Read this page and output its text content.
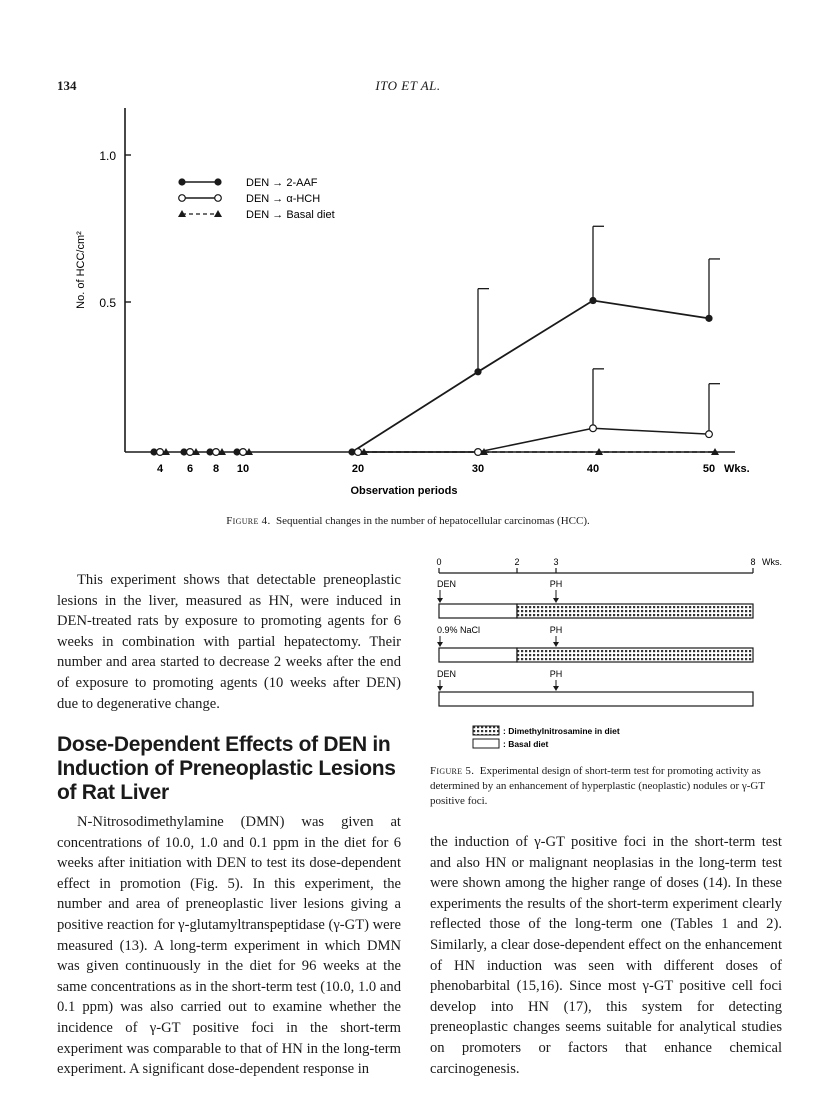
134	ITO ET AL.
1.0
0.5
No. of HCC/cm²
4 6 8 10	20	30	40	50 Wks.
Observation periods
DEN → 2-AAF
DEN → α-HCH
DEN → Basal diet
Figure 4. Sequential changes in the number of hepatocellular carcinomas (HCC).

This experiment shows that detectable preneoplastic lesions in the liver, measured as HN, were induced in DEN-treated rats by exposure to promoting agents for 6 weeks in combination with partial hepatectomy. Their number and area started to decrease 2 weeks after the end of exposure to promoting agents (10 weeks after DEN) due to degenerative change.

Dose-Dependent Effects of DEN in Induction of Preneoplastic Lesions of Rat Liver

N-Nitrosodimethylamine (DMN) was given at concentrations of 10.0, 1.0 and 0.1 ppm in the diet for 6 weeks after initiation with DEN to test its dose-dependent effect in promotion (Fig. 5). In this experiment, the number and area of preneoplastic liver lesions giving a positive reaction for γ-glutamyltranspeptidase (γ-GT) were measured (13). A long-term experiment in which DMN was given continuously in the diet for 96 weeks at the same concentrations as in the short-term test (10.0, 1.0 and 0.1 ppm) was also carried out to examine whether the incidence of γ-GT positive foci in the short-term experiment was comparable to that of HN in the long-term experiment. A significant dose-dependent response in

0	2	3	8 Wks.
DEN	PH
0.9% NaCl	PH
DEN	PH
: Dimethylnitrosamine in diet
: Basal diet
Figure 5. Experimental design of short-term test for promoting activity as determined by an enhancement of hyperplastic (neoplastic) nodules or γ-GT positive foci.

the induction of γ-GT positive foci in the short-term test and also HN or malignant neoplasias in the long-term test were shown among the higher range of doses (14). In these experiments the results of the short-term experiment clearly reflected those of the long-term one (Tables 1 and 2). Similarly, a clear dose-dependent effect on the enhancement of HN induction was seen with different doses of phenobarbital (15,16). Since most γ-GT positive cell foci develop into HN (17), this system for detecting preneoplastic changes seems suitable for analytical studies on promoters or factors that enhance chemical carcinogenesis.
